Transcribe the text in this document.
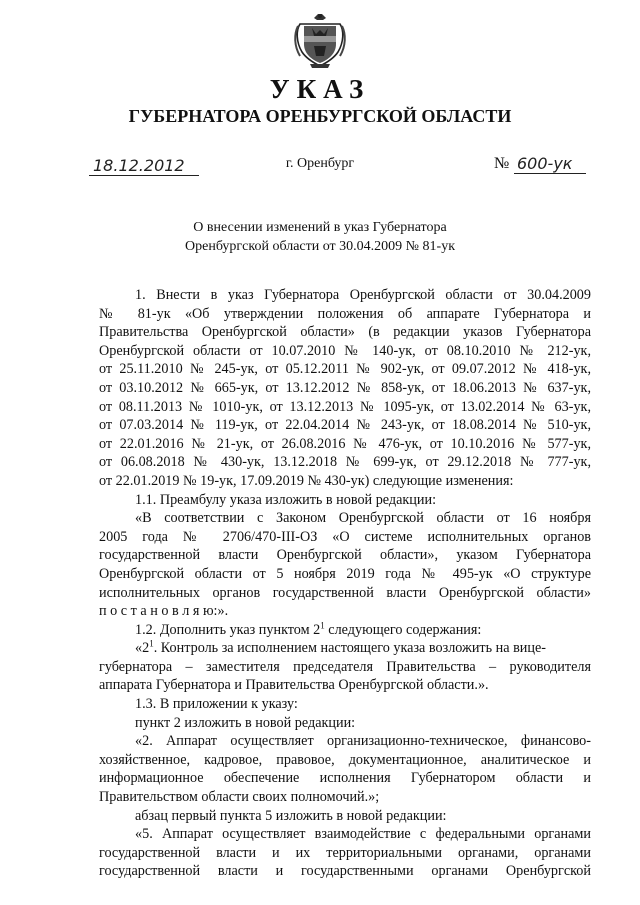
УКАЗ
ГУБЕРНАТОРА ОРЕНБУРГСКОЙ ОБЛАСТИ
18.12.2012	г. Оренбург	№ 600-ук
О внесении изменений в указ Губернатора
Оренбургской области от 30.04.2009 № 81-ук
1. Внести в указ Губернатора Оренбургской области от 30.04.2009
№ 81-ук «Об утверждении положения об аппарате Губернатора и
Правительства Оренбургской области» (в редакции указов Губернатора
Оренбургской области от 10.07.2010 № 140-ук, от 08.10.2010 № 212-ук,
от 25.11.2010 № 245-ук, от 05.12.2011 № 902-ук, от 09.07.2012 № 418-ук,
от 03.10.2012 № 665-ук, от 13.12.2012 № 858-ук, от 18.06.2013 № 637-ук,
от 08.11.2013 № 1010-ук, от 13.12.2013 № 1095-ук, от 13.02.2014 № 63-ук,
от 07.03.2014 № 119-ук, от 22.04.2014 № 243-ук, от 18.08.2014 № 510-ук,
от 22.01.2016 № 21-ук, от 26.08.2016 № 476-ук, от 10.10.2016 № 577-ук,
от 06.08.2018 № 430-ук, 13.12.2018 № 699-ук, от 29.12.2018 № 777-ук,
от 22.01.2019 № 19-ук, 17.09.2019 № 430-ук) следующие изменения:
1.1. Преамбулу указа изложить в новой редакции:
«В соответствии с Законом Оренбургской области от 16 ноября
2005 года № 2706/470-III-ОЗ «О системе исполнительных органов
государственной власти Оренбургской области», указом Губернатора
Оренбургской области от 5 ноября 2019 года № 495-ук «О структуре
исполнительных органов государственной власти Оренбургской области»
п о с т а н о в л я ю:».
1.2. Дополнить указ пунктом $2^1$ следующего содержания:
«$2^1$. Контроль за исполнением настоящего указа возложить на вице-
губернатора – заместителя председателя Правительства – руководителя
аппарата Губернатора и Правительства Оренбургской области.».
1.3. В приложении к указу:
пункт 2 изложить в новой редакции:
«2. Аппарат осуществляет организационно-техническое, финансово-
хозяйственное, кадровое, правовое, документационное, аналитическое и
информационное обеспечение исполнения Губернатором области и
Правительством области своих полномочий.»;
абзац первый пункта 5 изложить в новой редакции:
«5. Аппарат осуществляет взаимодействие с федеральными органами
государственной власти и их территориальными органами, органами
государственной власти и государственными органами Оренбургской
